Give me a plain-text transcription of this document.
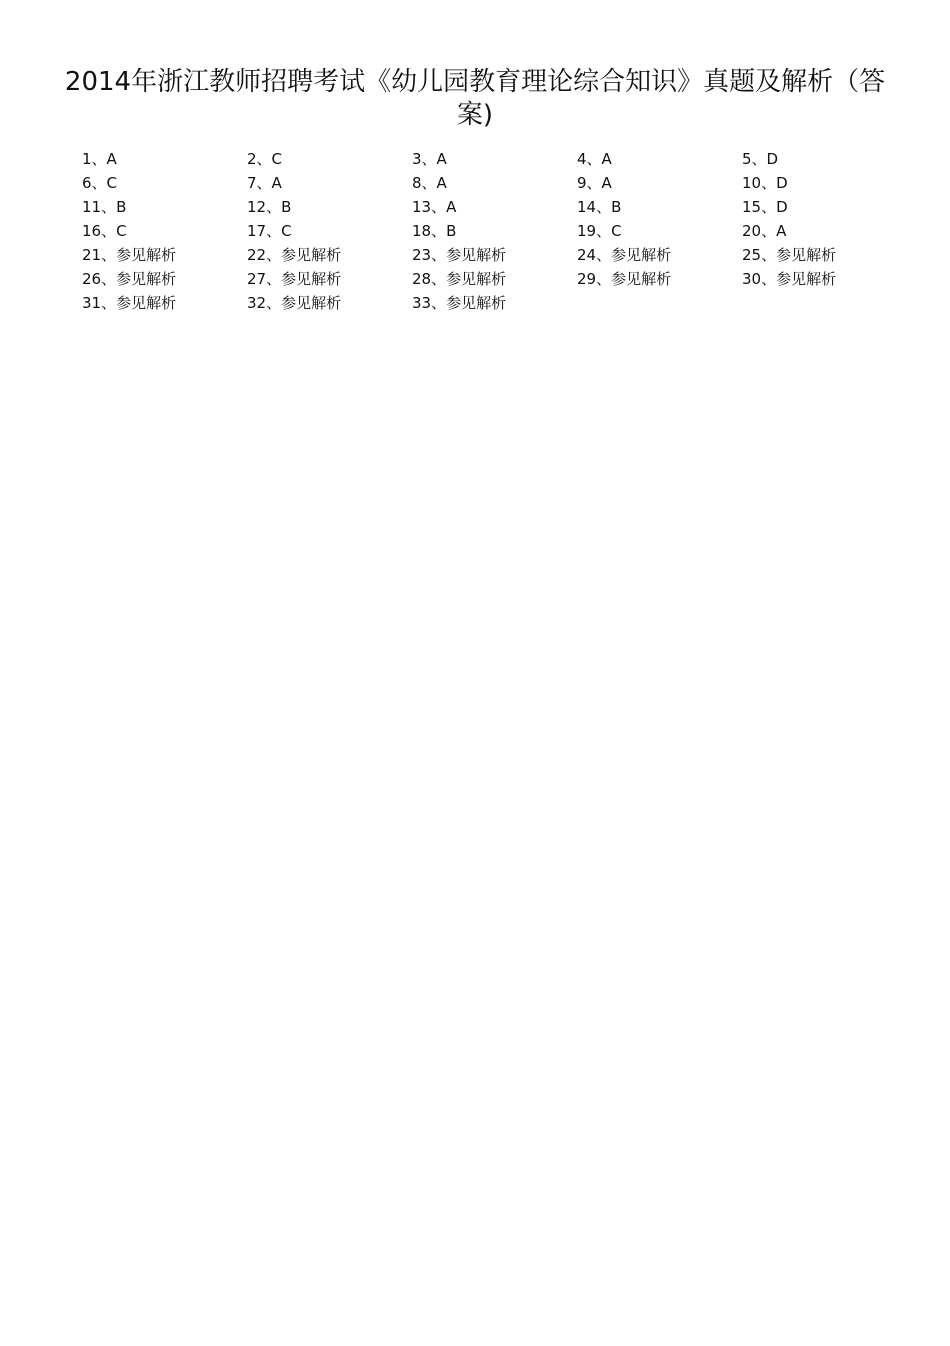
2014年浙江教师招聘考试《幼儿园教育理论综合知识》真题及解析（答案)
1、A	2、C	3、A	4、A	5、D
6、C	7、A	8、A	9、A	10、D
11、B	12、B	13、A	14、B	15、D
16、C	17、C	18、B	19、C	20、A
21、参见解析	22、参见解析	23、参见解析	24、参见解析	25、参见解析
26、参见解析	27、参见解析	28、参见解析	29、参见解析	30、参见解析
31、参见解析	32、参见解析	33、参见解析
